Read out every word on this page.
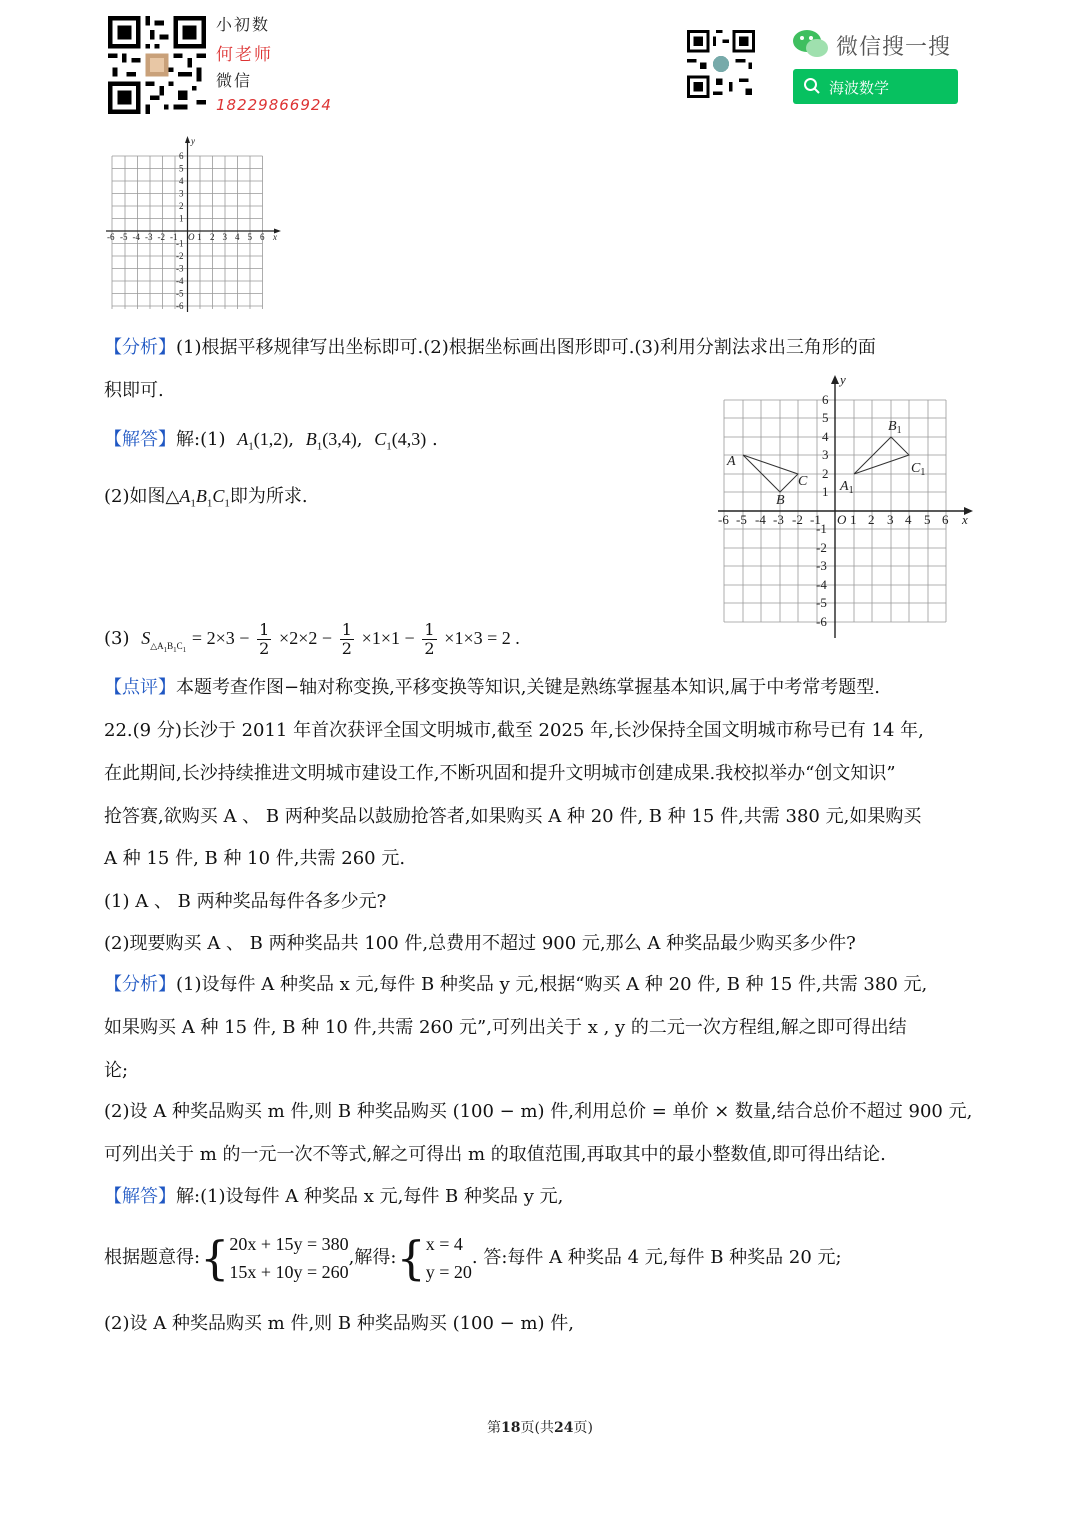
小初数
何老师
微信
18229866924
微信搜一搜
海波数学
y
x
O
6
5
4
3
2
1
-1
-2
-3
-4
-5
-6
-6 -5 -4 -3 -2 -1 1 2 3 4 5 6
y
x
O
6
5
4
3
2
1
-1
-2
-3
-4
-5
-6
-6 -5 -4 -3 -2 -1 1 2 3 4 5 6
A
B
C $A_1$
$B_1$
$C_1$
【分析】(1)根据平移规律写出坐标即可.(2)根据坐标画出图形即可.(3)利用分割法求出三角形的面
积即可.
【解答】解:(1) $A_1(1,2)$, $B_1(3,4)$, $C_1(4,3)$ .
(2)如图$\triangle A_1B_1C_1$即为所求.
(3) $S_{\triangle A_1B_1C_1} = 2\times 3 - \frac{1}{2} \times 2\times 2 - \frac{1}{2} \times 1\times 1 - \frac{1}{2} \times 1\times 3 = 2$ .
【点评】本题考查作图−轴对称变换,平移变换等知识,关键是熟练掌握基本知识,属于中考常考题型.
22.(9 分)长沙于 2011 年首次获评全国文明城市,截至 2025 年,长沙保持全国文明城市称号已有 14 年,
在此期间,长沙持续推进文明城市建设工作,不断巩固和提升文明城市创建成果.我校拟举办“创文知识”
抢答赛,欲购买 A 、 B 两种奖品以鼓励抢答者,如果购买 A 种 20 件, B 种 15 件,共需 380 元,如果购买
A 种 15 件, B 种 10 件,共需 260 元.
(1) A 、 B 两种奖品每件各多少元?
(2)现要购买 A 、 B 两种奖品共 100 件,总费用不超过 900 元,那么 A 种奖品最少购买多少件?
【分析】(1)设每件 A 种奖品 x 元,每件 B 种奖品 y 元,根据“购买 A 种 20 件, B 种 15 件,共需 380 元,
如果购买 A 种 15 件, B 种 10 件,共需 260 元”,可列出关于 x , y 的二元一次方程组,解之即可得出结
论;
(2)设 A 种奖品购买 m 件,则 B 种奖品购买 (100 − m) 件,利用总价 = 单价 × 数量,结合总价不超过 900 元,
可列出关于 m 的一元一次不等式,解之可得出 m 的取值范围,再取其中的最小整数值,即可得出结论.
【解答】解:(1)设每件 A 种奖品 x 元,每件 B 种奖品 y 元,
根据题意得: { 20x + 15y = 380
15x + 10y = 260
,解得: { x = 4
y = 20
. 答:每件 A 种奖品 4 元,每件 B 种奖品 20 元;
(2)设 A 种奖品购买 m 件,则 B 种奖品购买 (100 − m) 件,
第18页(共24页)
